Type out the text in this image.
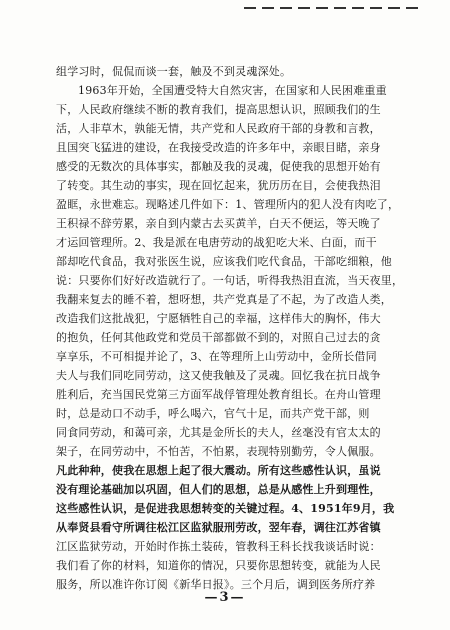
组学习时，侃侃而谈一套，触及不到灵魂深处。
1963年开始，全国遭受特大自然灾害，在国家和人民困难重重
下，人民政府继续不断的教育我们，提高思想认识，照顾我们的生
活，人非草木，孰能无情，共产党和人民政府干部的身教和言教，
且国突飞猛进的建设，在我接受改造的许多年中，亲眼目睹，亲身
感受的无数次的具体事实，都触及我的灵魂，促使我的思想开始有
了转变。其生动的事实，现在回忆起来，犹历历在目，会使我热泪
盈眶，永世难忘。现略述几件如下：1、管理所内的犯人没有肉吃了，
王积禄不辞劳累，亲自到内蒙古去买黄羊，白天不便运，等天晚了
才运回管理所。2、我是派在电唐劳动的战犯吃大米、白面，而干
部却吃代食品，我对张医生说，应该我们吃代食品，干部吃细粮，他
说：只要你们好好改造就行了。一句话，听得我热泪直流，当天夜里，
我翻来复去的睡不着，想呀想，共产党真是了不起，为了改造人类，
改造我们这批战犯，宁愿牺牲自己的幸福，这样伟大的胸怀，伟大
的抱负，任何其他政党和党员干部都做不到的，对照自己过去的贪
享享乐，不可相提并论了，3、在等理所上山劳动中，金所长借同
夫人与我们同吃同劳动，这又使我触及了灵魂。回忆我在抗日战争
胜利后，充当国民党第三方面军战俘管理处教育组长。在舟山管理
时，总是动口不动手，呼么喝六，官气十足，而共产党干部，则
同食同劳动，和蔼可亲，尤其是金所长的夫人，丝毫没有官太太的
架子，在同劳动中，不怕苦，不怕累，表现特别勤劳，令人佩服。
凡此种种，使我在思想上起了很大震动。所有这些感性认识，虽说
没有理论基础加以巩固，但人们的思想，总是从感性上升到理性，
这些感性认识，是促进我思想转变的关键过程。4、1951年9月，我
从奉贤县看守所调往松江区监狱服刑劳改，翌年春，调往江苏省镇
江区监狱劳动，开始时作拣土装砖，管教科王科长找我谈话时说：
我们看了你的材料，知道你的情况，只要你思想转变，就能为人民
服务，所以准许你订阅《新华日报》。三个月后，调到医务所疗养
—3—
